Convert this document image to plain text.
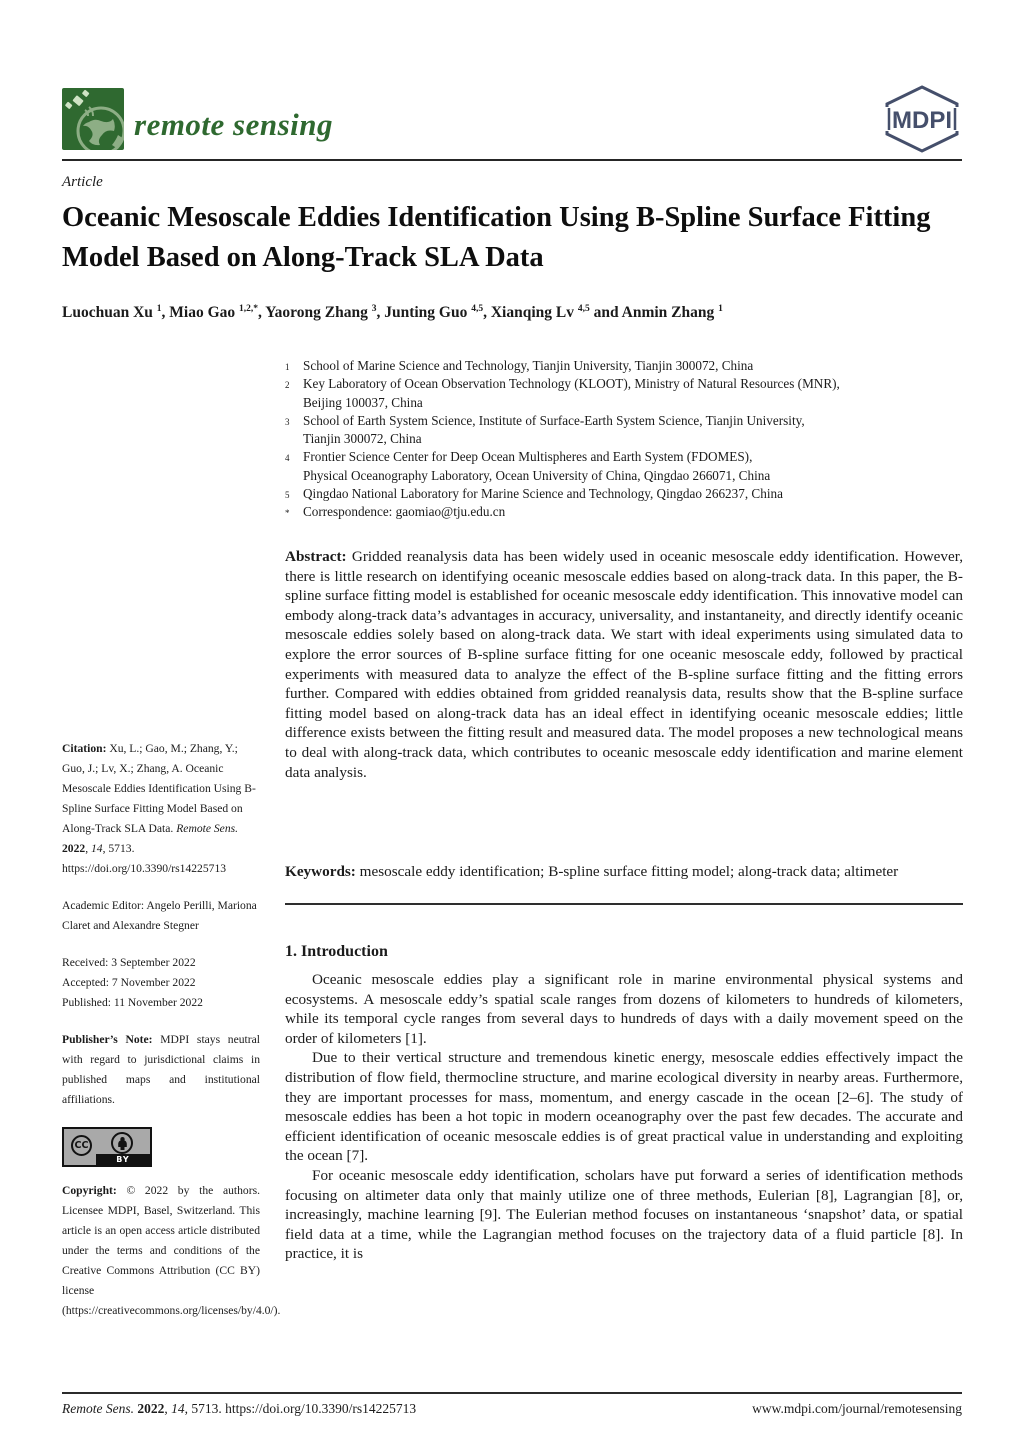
remote sensing	MDPI
Article
Oceanic Mesoscale Eddies Identification Using B-Spline Surface Fitting Model Based on Along-Track SLA Data
Luochuan Xu $^1$, Miao Gao $^{1,2,*}$, Yaorong Zhang $^3$, Junting Guo $^{4,5}$, Xianqing Lv $^{4,5}$ and Anmin Zhang $^1$
1	School of Marine Science and Technology, Tianjin University, Tianjin 300072, China
2	Key Laboratory of Ocean Observation Technology (KLOOT), Ministry of Natural Resources (MNR),
Beijing 100037, China
3	School of Earth System Science, Institute of Surface-Earth System Science, Tianjin University,
Tianjin 300072, China
4	Frontier Science Center for Deep Ocean Multispheres and Earth System (FDOMES),
Physical Oceanography Laboratory, Ocean University of China, Qingdao 266071, China
5	Qingdao National Laboratory for Marine Science and Technology, Qingdao 266237, China
*	Correspondence: gaomiao@tju.edu.cn
Abstract: Gridded reanalysis data has been widely used in oceanic mesoscale eddy identification. However, there is little research on identifying oceanic mesoscale eddies based on along-track data. In this paper, the B-spline surface fitting model is established for oceanic mesoscale eddy identification. This innovative model can embody along-track data’s advantages in accuracy, universality, and instantaneity, and directly identify oceanic mesoscale eddies solely based on along-track data. We start with ideal experiments using simulated data to explore the error sources of B-spline surface fitting for one oceanic mesoscale eddy, followed by practical experiments with measured data to analyze the effect of the B-spline surface fitting and the fitting errors further. Compared with eddies obtained from gridded reanalysis data, results show that the B-spline surface fitting model based on along-track data has an ideal effect in identifying oceanic mesoscale eddies; little difference exists between the fitting result and measured data. The model proposes a new technological means to deal with along-track data, which contributes to oceanic mesoscale eddy identification and marine element data analysis.
Keywords: mesoscale eddy identification; B-spline surface fitting model; along-track data; altimeter
Citation: Xu, L.; Gao, M.; Zhang, Y.; Guo, J.; Lv, X.; Zhang, A. Oceanic Mesoscale Eddies Identification Using B-Spline Surface Fitting Model Based on Along-Track SLA Data. Remote Sens. 2022, 14, 5713. https://doi.org/10.3390/rs14225713
Academic Editor: Angelo Perilli, Mariona Claret and Alexandre Stegner
Received: 3 September 2022
Accepted: 7 November 2022
Published: 11 November 2022
Publisher’s Note: MDPI stays neutral with regard to jurisdictional claims in published maps and institutional affiliations.
CC
BY
Copyright: © 2022 by the authors. Licensee MDPI, Basel, Switzerland. This article is an open access article distributed under the terms and conditions of the Creative Commons Attribution (CC BY) license (https://creativecommons.org/licenses/by/4.0/).
1. Introduction

Oceanic mesoscale eddies play a significant role in marine environmental physical systems and ecosystems. A mesoscale eddy’s spatial scale ranges from dozens of kilometers to hundreds of kilometers, while its temporal cycle ranges from several days to hundreds of days with a daily movement speed on the order of kilometers [1].

Due to their vertical structure and tremendous kinetic energy, mesoscale eddies effectively impact the distribution of flow field, thermocline structure, and marine ecological diversity in nearby areas. Furthermore, they are important processes for mass, momentum, and energy cascade in the ocean [2–6]. The study of mesoscale eddies has been a hot topic in modern oceanography over the past few decades. The accurate and efficient identification of oceanic mesoscale eddies is of great practical value in understanding and exploiting the ocean [7].

For oceanic mesoscale eddy identification, scholars have put forward a series of identification methods focusing on altimeter data only that mainly utilize one of three methods, Eulerian [8], Lagrangian [8], or, increasingly, machine learning [9]. The Eulerian method focuses on instantaneous ‘snapshot’ data, or spatial field data at a time, while the Lagrangian method focuses on the trajectory data of a fluid particle [8]. In practice, it is

Remote Sens. 2022, 14, 5713. https://doi.org/10.3390/rs14225713	www.mdpi.com/journal/remotesensing
